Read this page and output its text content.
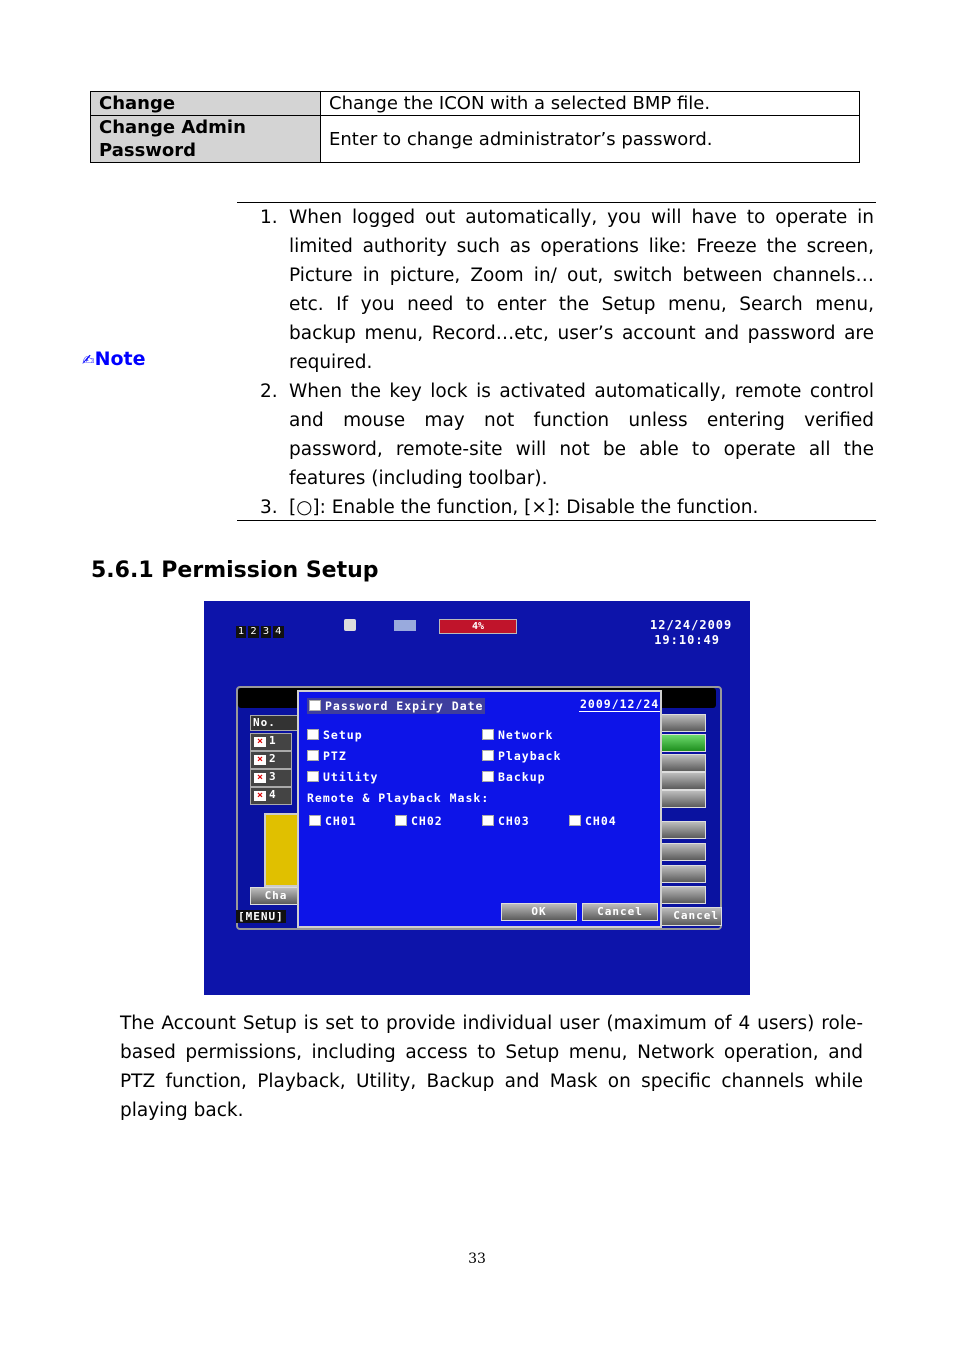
Change	Change the ICON with a selected BMP file.
Change Admin Password	Enter to change administrator’s password.
✍Note
1. When logged out automatically, you will have to operate in limited authority such as operations like: Freeze the screen, Picture in picture, Zoom in/ out, switch between channels…etc. If you need to enter the Setup menu, Search menu, backup menu, Record…etc, user’s account and password are required.
2. When the key lock is activated automatically, remote control and mouse may not function unless entering verified password, remote-site will not be able to operate all the features (including toolbar).
3. [○]: Enable the function, [×]: Disable the function.
5.6.1 Permission Setup
1 2 3 4	4%	12/24/2009
19:10:49
No.
× 1
× 2
× 3
× 4
Cha
[MENU]	Cancel
Password Expiry Date	2009/12/24
Setup
PTZ
Utility
Network
Playback
Backup
Remote & Playback Mask:
CH01	CH02	CH03	CH04
OK	Cancel

The Account Setup is set to provide individual user (maximum of 4 users) role-based permissions, including access to Setup menu, Network operation, and PTZ function, Playback, Utility, Backup and Mask on specific channels while playing back.

33
